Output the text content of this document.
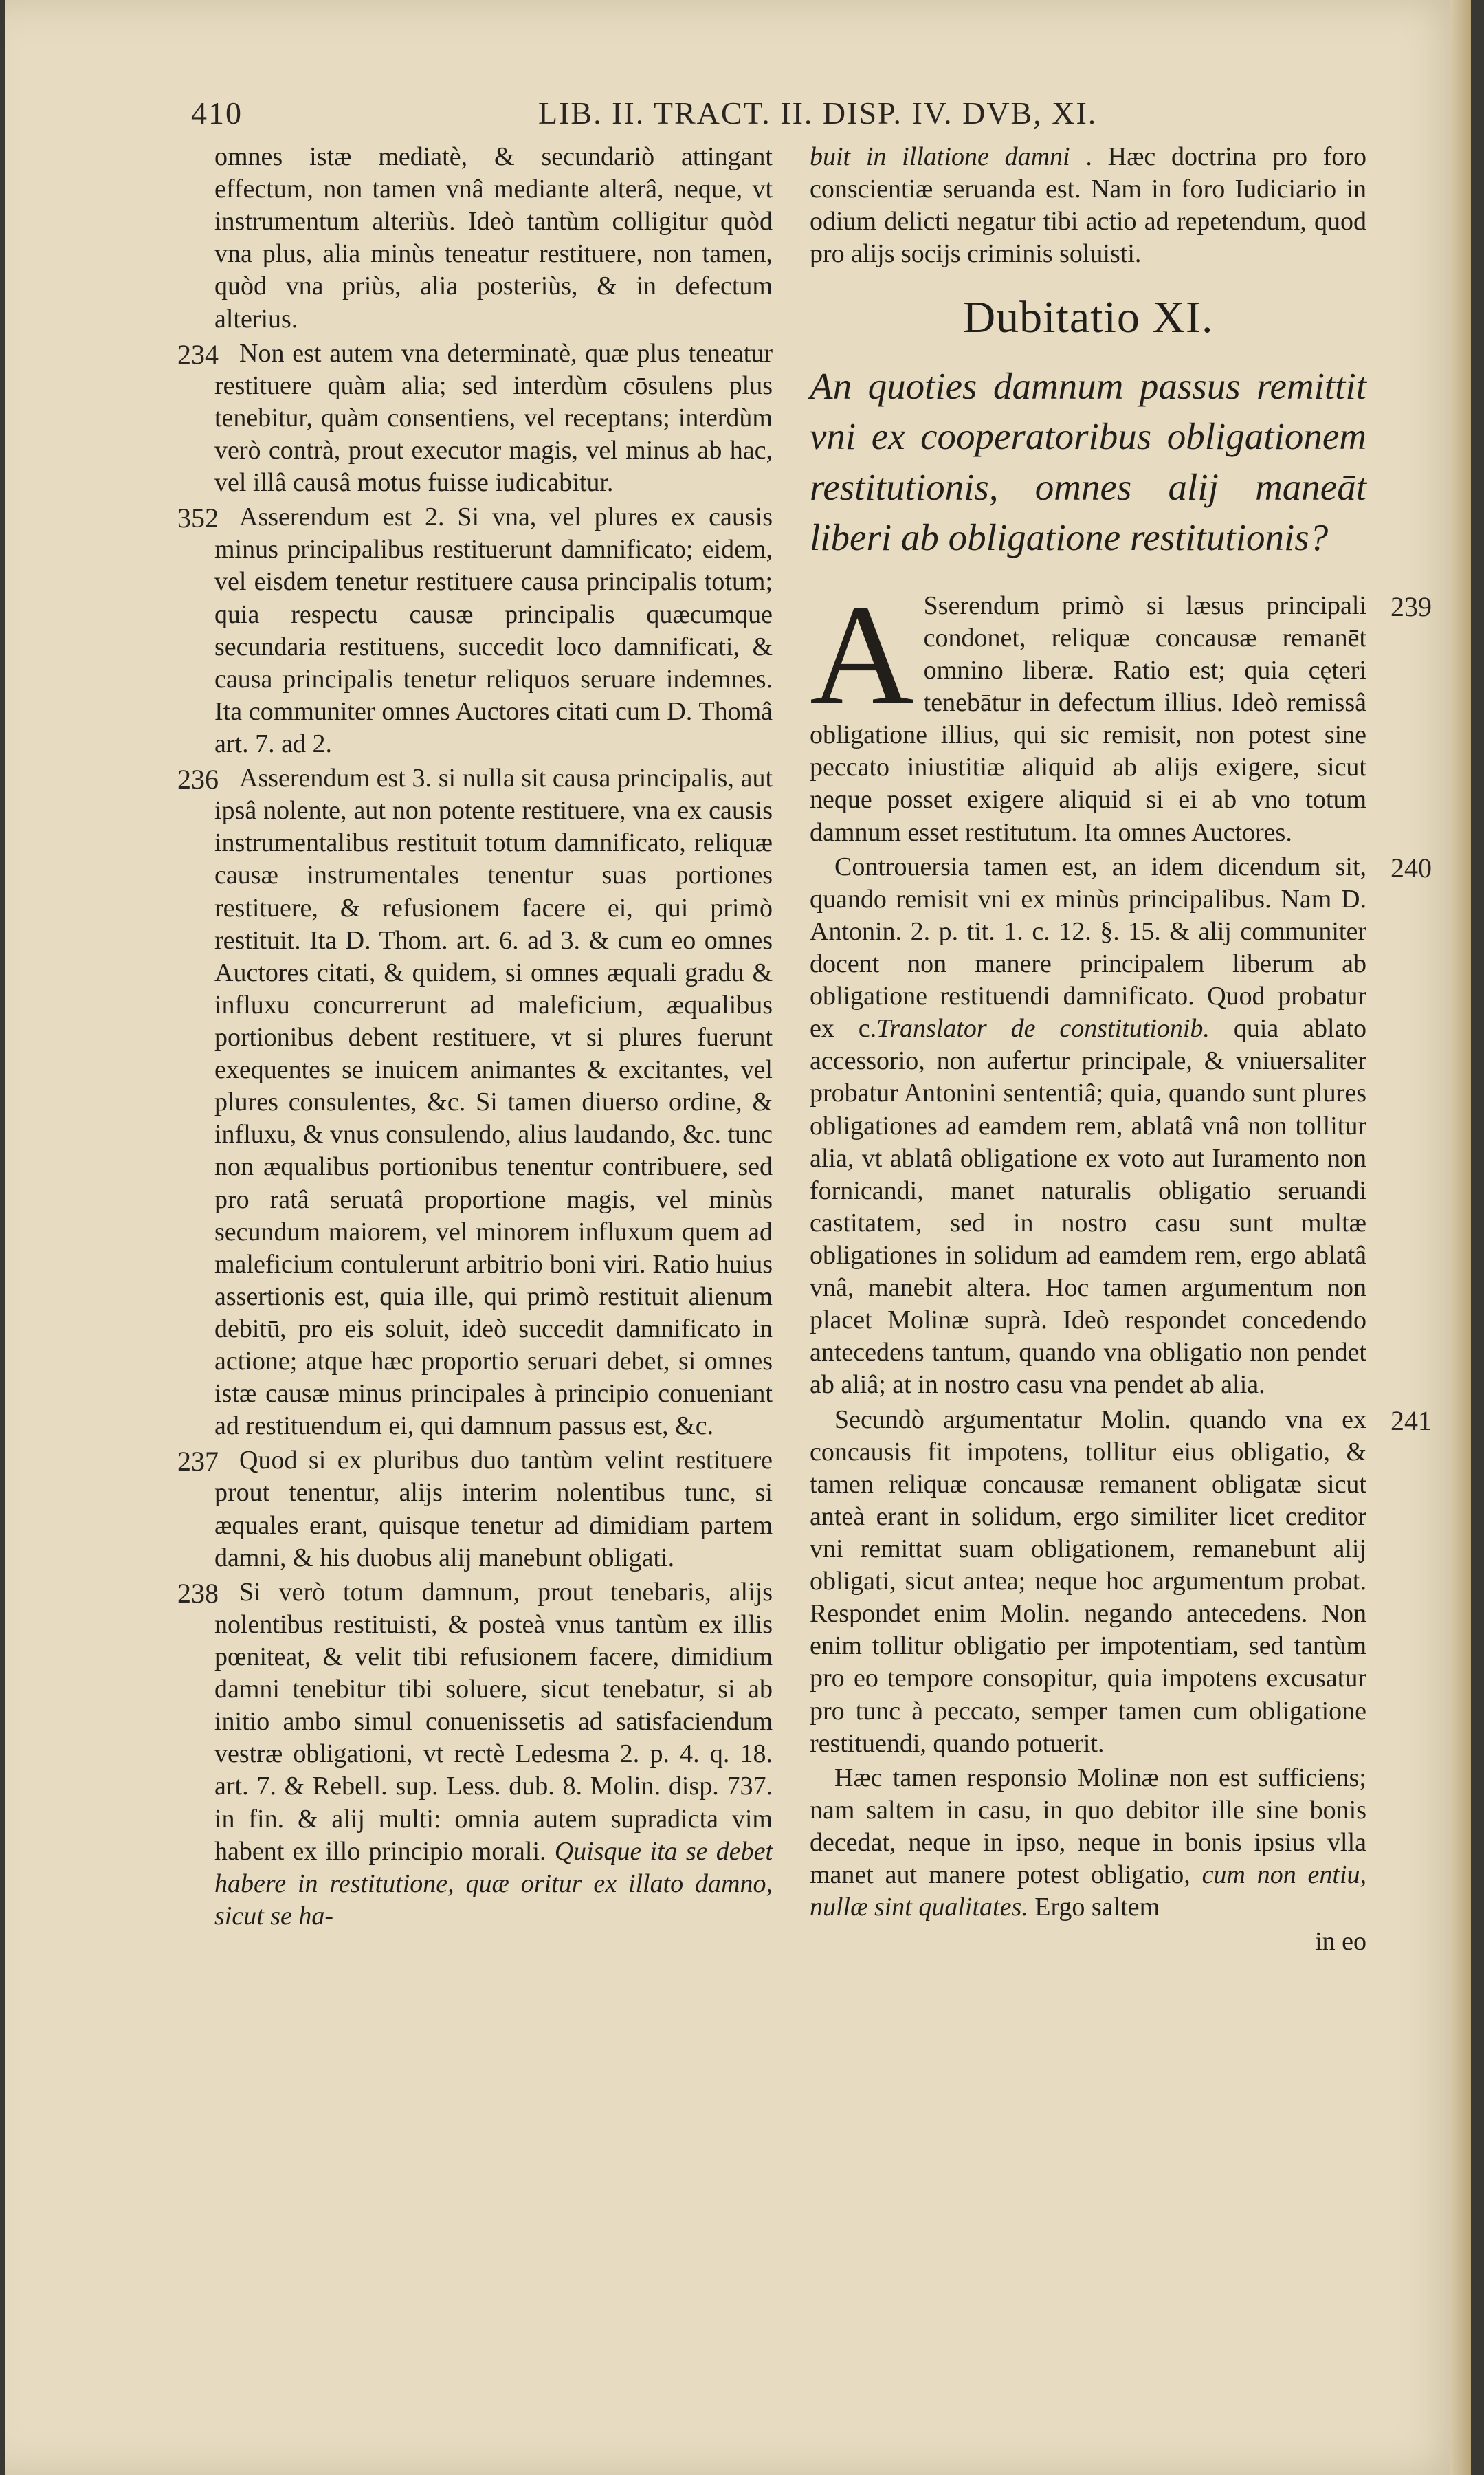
410	LIB. II. TRACT. II. DISP. IV. DVB, XI.

omnes istæ mediatè, & secundariò attingant effectum, non tamen vnâ mediante alterâ, neque, vt instrumentum alteriùs. Ideò tantùm colligitur quòd vna plus, alia minùs teneatur restituere, non tamen, quòd vna priùs, alia posteriùs, & in defectum alterius.

234 Non est autem vna determinatè, quæ plus teneatur restituere quàm alia; sed interdùm cōsulens plus tenebitur, quàm consentiens, vel receptans; interdùm verò contrà, prout executor magis, vel minus ab hac, vel illâ causâ motus fuisse iudicabitur.

352 Asserendum est 2. Si vna, vel plures ex causis minus principalibus restituerunt damnificato; eidem, vel eisdem tenetur restituere causa principalis totum; quia respectu causæ principalis quæcumque secundaria restituens, succedit loco damnificati, & causa principalis tenetur reliquos seruare indemnes. Ita communiter omnes Auctores citati cum D. Thomâ art. 7. ad 2.

236 Asserendum est 3. si nulla sit causa principalis, aut ipsâ nolente, aut non potente restituere, vna ex causis instrumentalibus restituit totum damnificato, reliquæ causæ instrumentales tenentur suas portiones restituere, & refusionem facere ei, qui primò restituit. Ita D. Thom. art. 6. ad 3. & cum eo omnes Auctores citati, & quidem, si omnes æquali gradu & influxu concurrerunt ad maleficium, æqualibus portionibus debent restituere, vt si plures fuerunt exequentes se inuicem animantes & excitantes, vel plures consulentes, &c. Si tamen diuerso ordine, & influxu, & vnus consulendo, alius laudando, &c. tunc non æqualibus portionibus tenentur contribuere, sed pro ratâ seruatâ proportione magis, vel minùs secundum maiorem, vel minorem influxum quem ad maleficium contulerunt arbitrio boni viri. Ratio huius assertionis est, quia ille, qui primò restituit alienum debitū, pro eis soluit, ideò succedit damnificato in actione; atque hæc proportio seruari debet, si omnes istæ causæ minus principales à principio conueniant ad restituendum ei, qui damnum passus est, &c.

237 Quod si ex pluribus duo tantùm velint restituere prout tenentur, alijs interim nolentibus tunc, si æquales erant, quisque tenetur ad dimidiam partem damni, & his duobus alij manebunt obligati.

238 Si verò totum damnum, prout tenebaris, alijs nolentibus restituisti, & posteà vnus tantùm ex illis pœniteat, & velit tibi refusionem facere, dimidium damni tenebitur tibi soluere, sicut tenebatur, si ab initio ambo simul conuenissetis ad satisfaciendum vestræ obligationi, vt rectè Ledesma 2. p. 4. q. 18. art. 7. & Rebell. sup. Less. dub. 8. Molin. disp. 737. in fin. & alij multi: omnia autem supradicta vim habent ex illo principio morali. Quisque ita se debet habere in restitutione, quæ oritur ex illato damno, sicut se ha-

buit in illatione damni . Hæc doctrina pro foro conscientiæ seruanda est. Nam in foro Iudiciario in odium delicti negatur tibi actio ad repetendum, quod pro alijs socijs criminis soluisti.

Dubitatio XI.
An quoties damnum passus remittit vni ex cooperatoribus obligationem restitutionis, omnes alij maneāt liberi ab obligatione restitutionis?

239
A Sserendum primò si læsus principali condonet, reliquæ concausæ remanēt omnino liberæ. Ratio est; quia cęteri tenebātur in defectum illius. Ideò remissâ obligatione illius, qui sic remisit, non potest sine peccato iniustitiæ aliquid ab alijs exigere, sicut neque posset exigere aliquid si ei ab vno totum damnum esset restitutum. Ita omnes Auctores.

240
Controuersia tamen est, an idem dicendum sit, quando remisit vni ex minùs principalibus. Nam D. Antonin. 2. p. tit. 1. c. 12. §. 15. & alij communiter docent non manere principalem liberum ab obligatione restituendi damnificato. Quod probatur ex c.Translator de constitutionib. quia ablato accessorio, non aufertur principale, & vniuersaliter probatur Antonini sententiâ; quia, quando sunt plures obligationes ad eamdem rem, ablatâ vnâ non tollitur alia, vt ablatâ obligatione ex voto aut Iuramento non fornicandi, manet naturalis obligatio seruandi castitatem, sed in nostro casu sunt multæ obligationes in solidum ad eamdem rem, ergo ablatâ vnâ, manebit altera. Hoc tamen argumentum non placet Molinæ suprà. Ideò respondet concedendo antecedens tantum, quando vna obligatio non pendet ab aliâ; at in nostro casu vna pendet ab alia.

241
Secundò argumentatur Molin. quando vna ex concausis fit impotens, tollitur eius obligatio, & tamen reliquæ concausæ remanent obligatæ sicut anteà erant in solidum, ergo similiter licet creditor vni remittat suam obligationem, remanebunt alij obligati, sicut antea; neque hoc argumentum probat. Respondet enim Molin. negando antecedens. Non enim tollitur obligatio per impotentiam, sed tantùm pro eo tempore consopitur, quia impotens excusatur pro tunc à peccato, semper tamen cum obligatione restituendi, quando potuerit.

Hæc tamen responsio Molinæ non est sufficiens; nam saltem in casu, in quo debitor ille sine bonis decedat, neque in ipso, neque in bonis ipsius vlla manet aut manere potest obligatio, cum non entiu, nullæ sint qualitates. Ergo saltem

in eo
